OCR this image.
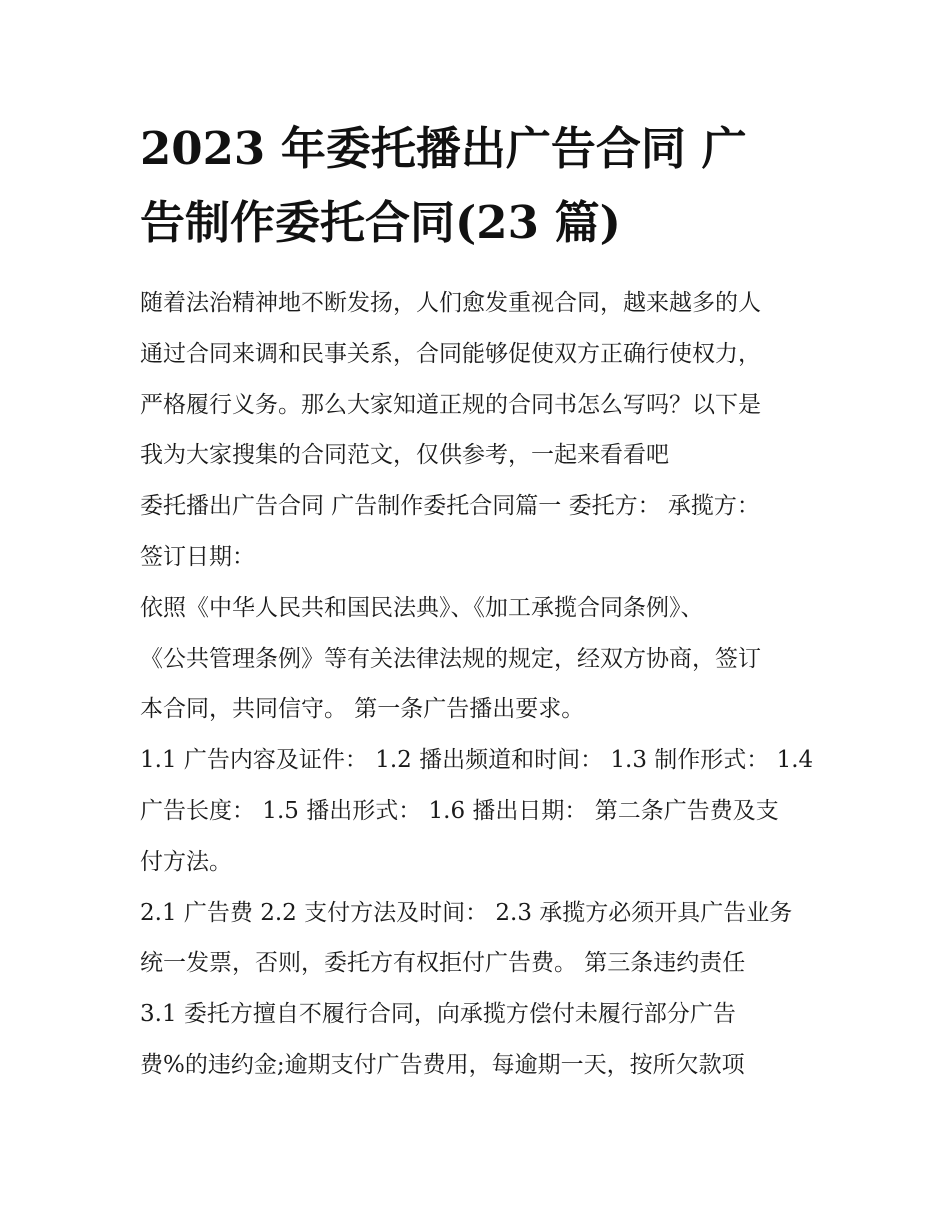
2023 年委托播出广告合同 广
告制作委托合同(23 篇)
随着法治精神地不断发扬，人们愈发重视合同，越来越多的人
通过合同来调和民事关系，合同能够促使双方正确行使权力，
严格履行义务。那么大家知道正规的合同书怎么写吗？以下是
我为大家搜集的合同范文，仅供参考，一起来看看吧
委托播出广告合同 广告制作委托合同篇一 委托方： 承揽方：
签订日期：
依照《中华人民共和国民法典》、《加工承揽合同条例》、
《公共管理条例》等有关法律法规的规定，经双方协商，签订
本合同，共同信守。 第一条广告播出要求。
1.1 广告内容及证件： 1.2 播出频道和时间： 1.3 制作形式： 1.4
广告长度： 1.5 播出形式： 1.6 播出日期： 第二条广告费及支
付方法。
2.1 广告费 2.2 支付方法及时间： 2.3 承揽方必须开具广告业务
统一发票，否则，委托方有权拒付广告费。 第三条违约责任
3.1 委托方擅自不履行合同，向承揽方偿付未履行部分广告
费%的违约金;逾期支付广告费用，每逾期一天，按所欠款项
